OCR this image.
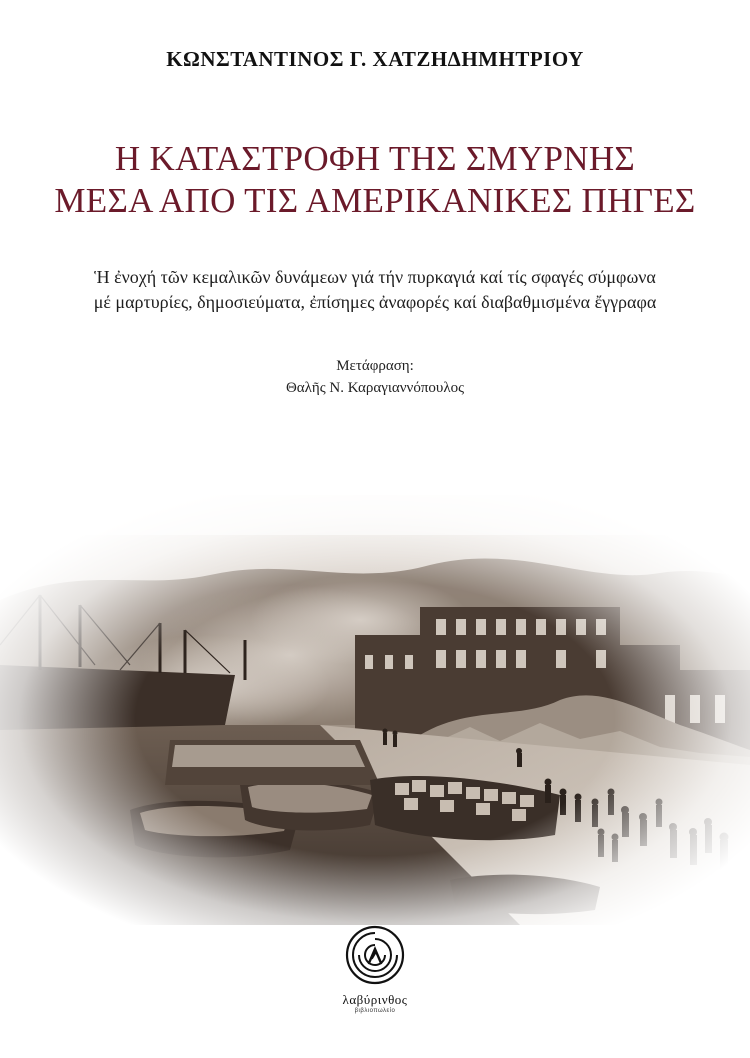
ΚΩΝΣΤΑΝΤΙΝΟΣ Γ. ΧΑΤΖΗΔΗΜΗΤΡΙΟΥ
Η ΚΑΤΑΣΤΡΟΦΗ ΤΗΣ ΣΜΥΡΝΗΣ
ΜΕΣΑ ΑΠΟ ΤΙΣ ΑΜΕΡΙΚΑΝΙΚΕΣ ΠΗΓΕΣ
Ἡ ἐνοχή τῶν κεμαλικῶν δυνάμεων γιά τήν πυρκαγιά καί τίς σφαγές σύμφωνα
μέ μαρτυρίες, δημοσιεύματα, ἐπίσημες ἀναφορές καί διαβαθμισμένα ἔγγραφα
Μετάφραση:
Θαλῆς Ν. Καραγιαννόπουλος
λαβύρινθος
βιβλιοπωλείο
